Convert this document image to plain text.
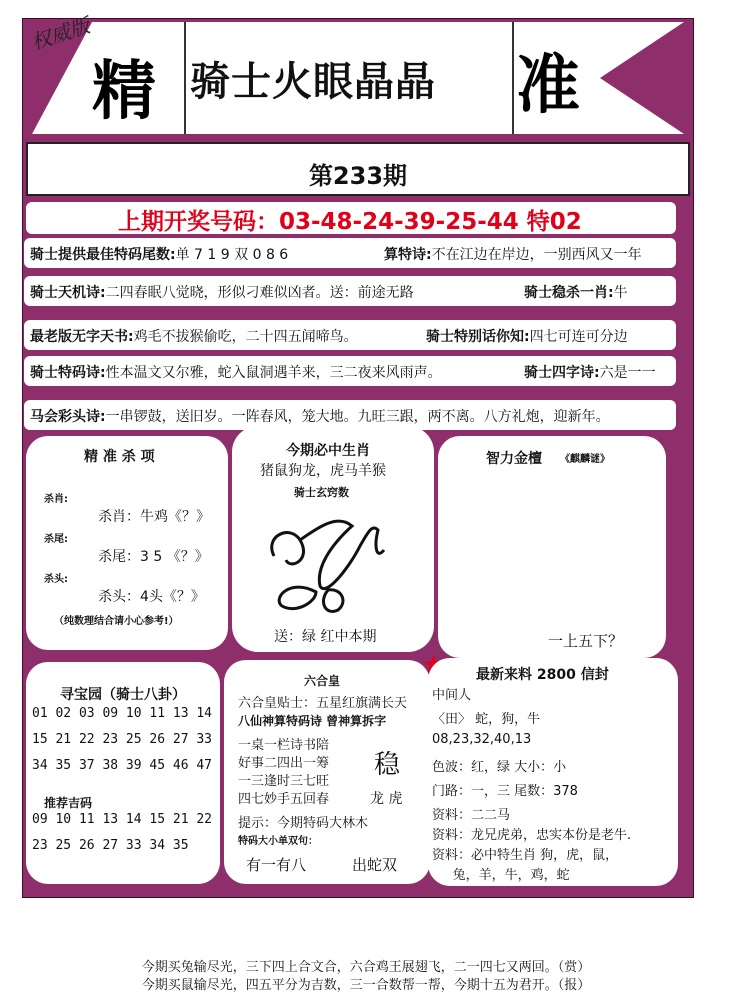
权威版
精 骑士火眼晶晶 准
第233期
上期开奖号码：03-48-24-39-25-44 特02
骑士提供最佳特码尾数:单 7 1 9 双 0 8 6	算特诗:不在江边在岸边，一别西风又一年
骑士天机诗:二四春眠八觉晓，形似刁难似凶者。送：前途无路	骑士稳杀一肖:牛
最老版无字天书:鸡毛不拔猴偷吃，二十四五闻啼鸟。	骑士特别话你知:四七可连可分边
骑士特码诗:性本温文又尔雅，蛇入鼠洞遇羊来，三二夜来风雨声。	骑士四字诗:六是一一
马会彩头诗:一串锣鼓，送旧岁。一阵春风，笼大地。九旺三跟，两不离。八方礼炮，迎新年。
精 准 杀 项
杀肖:
杀肖：牛鸡《？》
杀尾:
杀尾：3 5 《？》
杀头:
杀头：4头《？》
（纯数理结合请小心参考!）
今期必中生肖
猪鼠狗龙，虎马羊猴
骑士玄窍数
送：绿 红中本期
智力金檀 《麒麟谜》
一上五下？
寻宝园（骑士八卦）
01 02 03 09 10 11 13 14
15 21 22 23 25 26 27 33
34 35 37 38 39 45 46 47
推荐吉码
09 10 11 13 14 15 21 22
23 25 26 27 33 34 35
六合皇
六合皇贴士：五星红旗满长天
八仙神算特码诗 曾神算拆字
一桌一栏诗书陪
好事二四出一筹
一三逢时三七旺
四七妙手五回春
稳
龙 虎
提示：今期特码大林木
特码大小单双句：
有一有八	出蛇双
最新来料 2800 信封
中间人
〈田〉 蛇，狗，牛
08,23,32,40,13
色波：红，绿 大小：小
门路：一，三 尾数：378
资料：二二马
资料：龙兄虎弟，忠实本份是老牛.
资料：必中特生肖 狗，虎，鼠，
兔，羊，牛，鸡，蛇
今期买兔输尽光，三下四上合文合，六合鸡王展翅飞，二一四七又两回。（赏）
今期买鼠输尽光，四五平分为吉数，三一合数帮一帮，今期十五为君开。（报）
